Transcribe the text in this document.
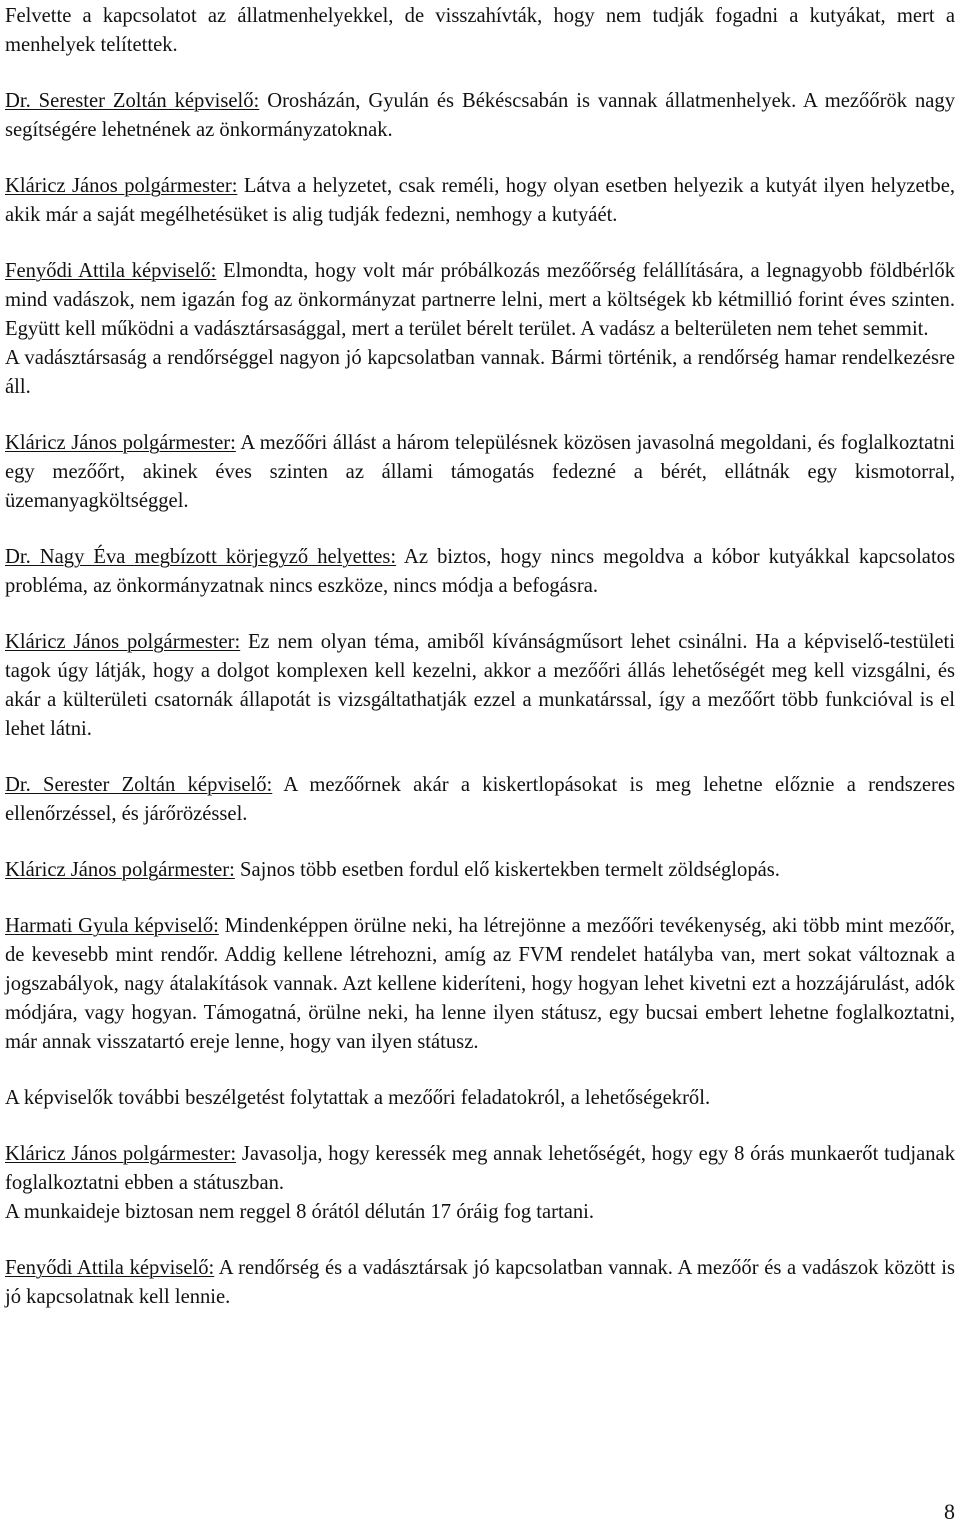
Felvette a kapcsolatot az állatmenhelyekkel, de visszahívták, hogy nem tudják fogadni a kutyákat, mert a menhelyek telítettek.

Dr. Serester Zoltán képviselő: Orosházán, Gyulán és Békéscsabán is vannak állatmenhelyek. A mezőőrök nagy segítségére lehetnének az önkormányzatoknak.

Kláricz János polgármester: Látva a helyzetet, csak reméli, hogy olyan esetben helyezik a kutyát ilyen helyzetbe, akik már a saját megélhetésüket is alig tudják fedezni, nemhogy a kutyáét.

Fenyődi Attila képviselő: Elmondta, hogy volt már próbálkozás mezőőrség felállítására, a legnagyobb földbérlők mind vadászok, nem igazán fog az önkormányzat partnerre lelni, mert a költségek kb kétmillió forint éves szinten. Együtt kell működni a vadásztársasággal, mert a terület bérelt terület. A vadász a belterületen nem tehet semmit.

A vadásztársaság a rendőrséggel nagyon jó kapcsolatban vannak. Bármi történik, a rendőrség hamar rendelkezésre áll.

Kláricz János polgármester: A mezőőri állást a három településnek közösen javasolná megoldani, és foglalkoztatni egy mezőőrt, akinek éves szinten az állami támogatás fedezné a bérét, ellátnák egy kismotorral, üzemanyagköltséggel.

Dr. Nagy Éva megbízott körjegyző helyettes: Az biztos, hogy nincs megoldva a kóbor kutyákkal kapcsolatos probléma, az önkormányzatnak nincs eszköze, nincs módja a befogásra.

Kláricz János polgármester: Ez nem olyan téma, amiből kívánságműsort lehet csinálni. Ha a képviselő-testületi tagok úgy látják, hogy a dolgot komplexen kell kezelni, akkor a mezőőri állás lehetőségét meg kell vizsgálni, és akár a külterületi csatornák állapotát is vizsgáltathatják ezzel a munkatárssal, így a mezőőrt több funkcióval is el lehet látni.

Dr. Serester Zoltán képviselő: A mezőőrnek akár a kiskertlopásokat is meg lehetne előznie a rendszeres ellenőrzéssel, és járőrözéssel.

Kláricz János polgármester: Sajnos több esetben fordul elő kiskertekben termelt zöldséglopás.

Harmati Gyula képviselő: Mindenképpen örülne neki, ha létrejönne a mezőőri tevékenység, aki több mint mezőőr, de kevesebb mint rendőr. Addig kellene létrehozni, amíg az FVM rendelet hatályba van, mert sokat változnak a jogszabályok, nagy átalakítások vannak. Azt kellene kideríteni, hogy hogyan lehet kivetni ezt a hozzájárulást, adók módjára, vagy hogyan. Támogatná, örülne neki, ha lenne ilyen státusz, egy bucsai embert lehetne foglalkoztatni, már annak visszatartó ereje lenne, hogy van ilyen státusz.

A képviselők további beszélgetést folytattak a mezőőri feladatokról, a lehetőségekről.

Kláricz János polgármester: Javasolja, hogy keressék meg annak lehetőségét, hogy egy 8 órás munkaerőt tudjanak foglalkoztatni ebben a státuszban.

A munkaideje biztosan nem reggel 8 órától délután 17 óráig fog tartani.

Fenyődi Attila képviselő: A rendőrség és a vadásztársak jó kapcsolatban vannak. A mezőőr és a vadászok között is jó kapcsolatnak kell lennie.

8
